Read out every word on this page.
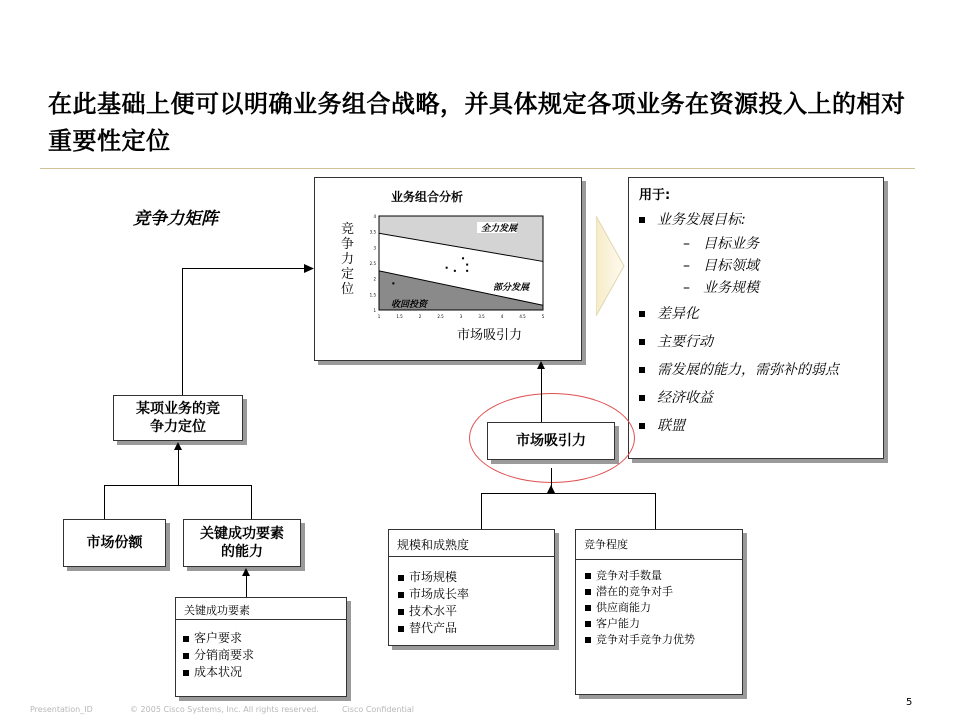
在此基础上便可以明确业务组合战略，并具体规定各项业务在资源投入上的相对重要性定位
竞争力矩阵
业务组合分析
竞争力定位
市场吸引力
全力发展
部分发展
收回投资
1
1.5
2
2.5
3
3.5
4
1	1.5	2	2.5	3	3.5	4	4.5	5
用于:
业务发展目标:
– 目标业务
– 目标领域
– 业务规模
差异化
主要行动
需发展的能力，需弥补的弱点
经济收益
联盟
某项业务的竞争力定位
市场吸引力
市场份额
关键成功要素的能力
关键成功要素
客户要求
分销商要求
成本状况
规模和成熟度
市场规模
市场成长率
技术水平
替代产品
竞争程度
竞争对手数量
潜在的竞争对手
供应商能力
客户能力
竞争对手竞争力优势
Presentation_ID	© 2005 Cisco Systems, Inc. All rights reserved.	Cisco Confidential
5
